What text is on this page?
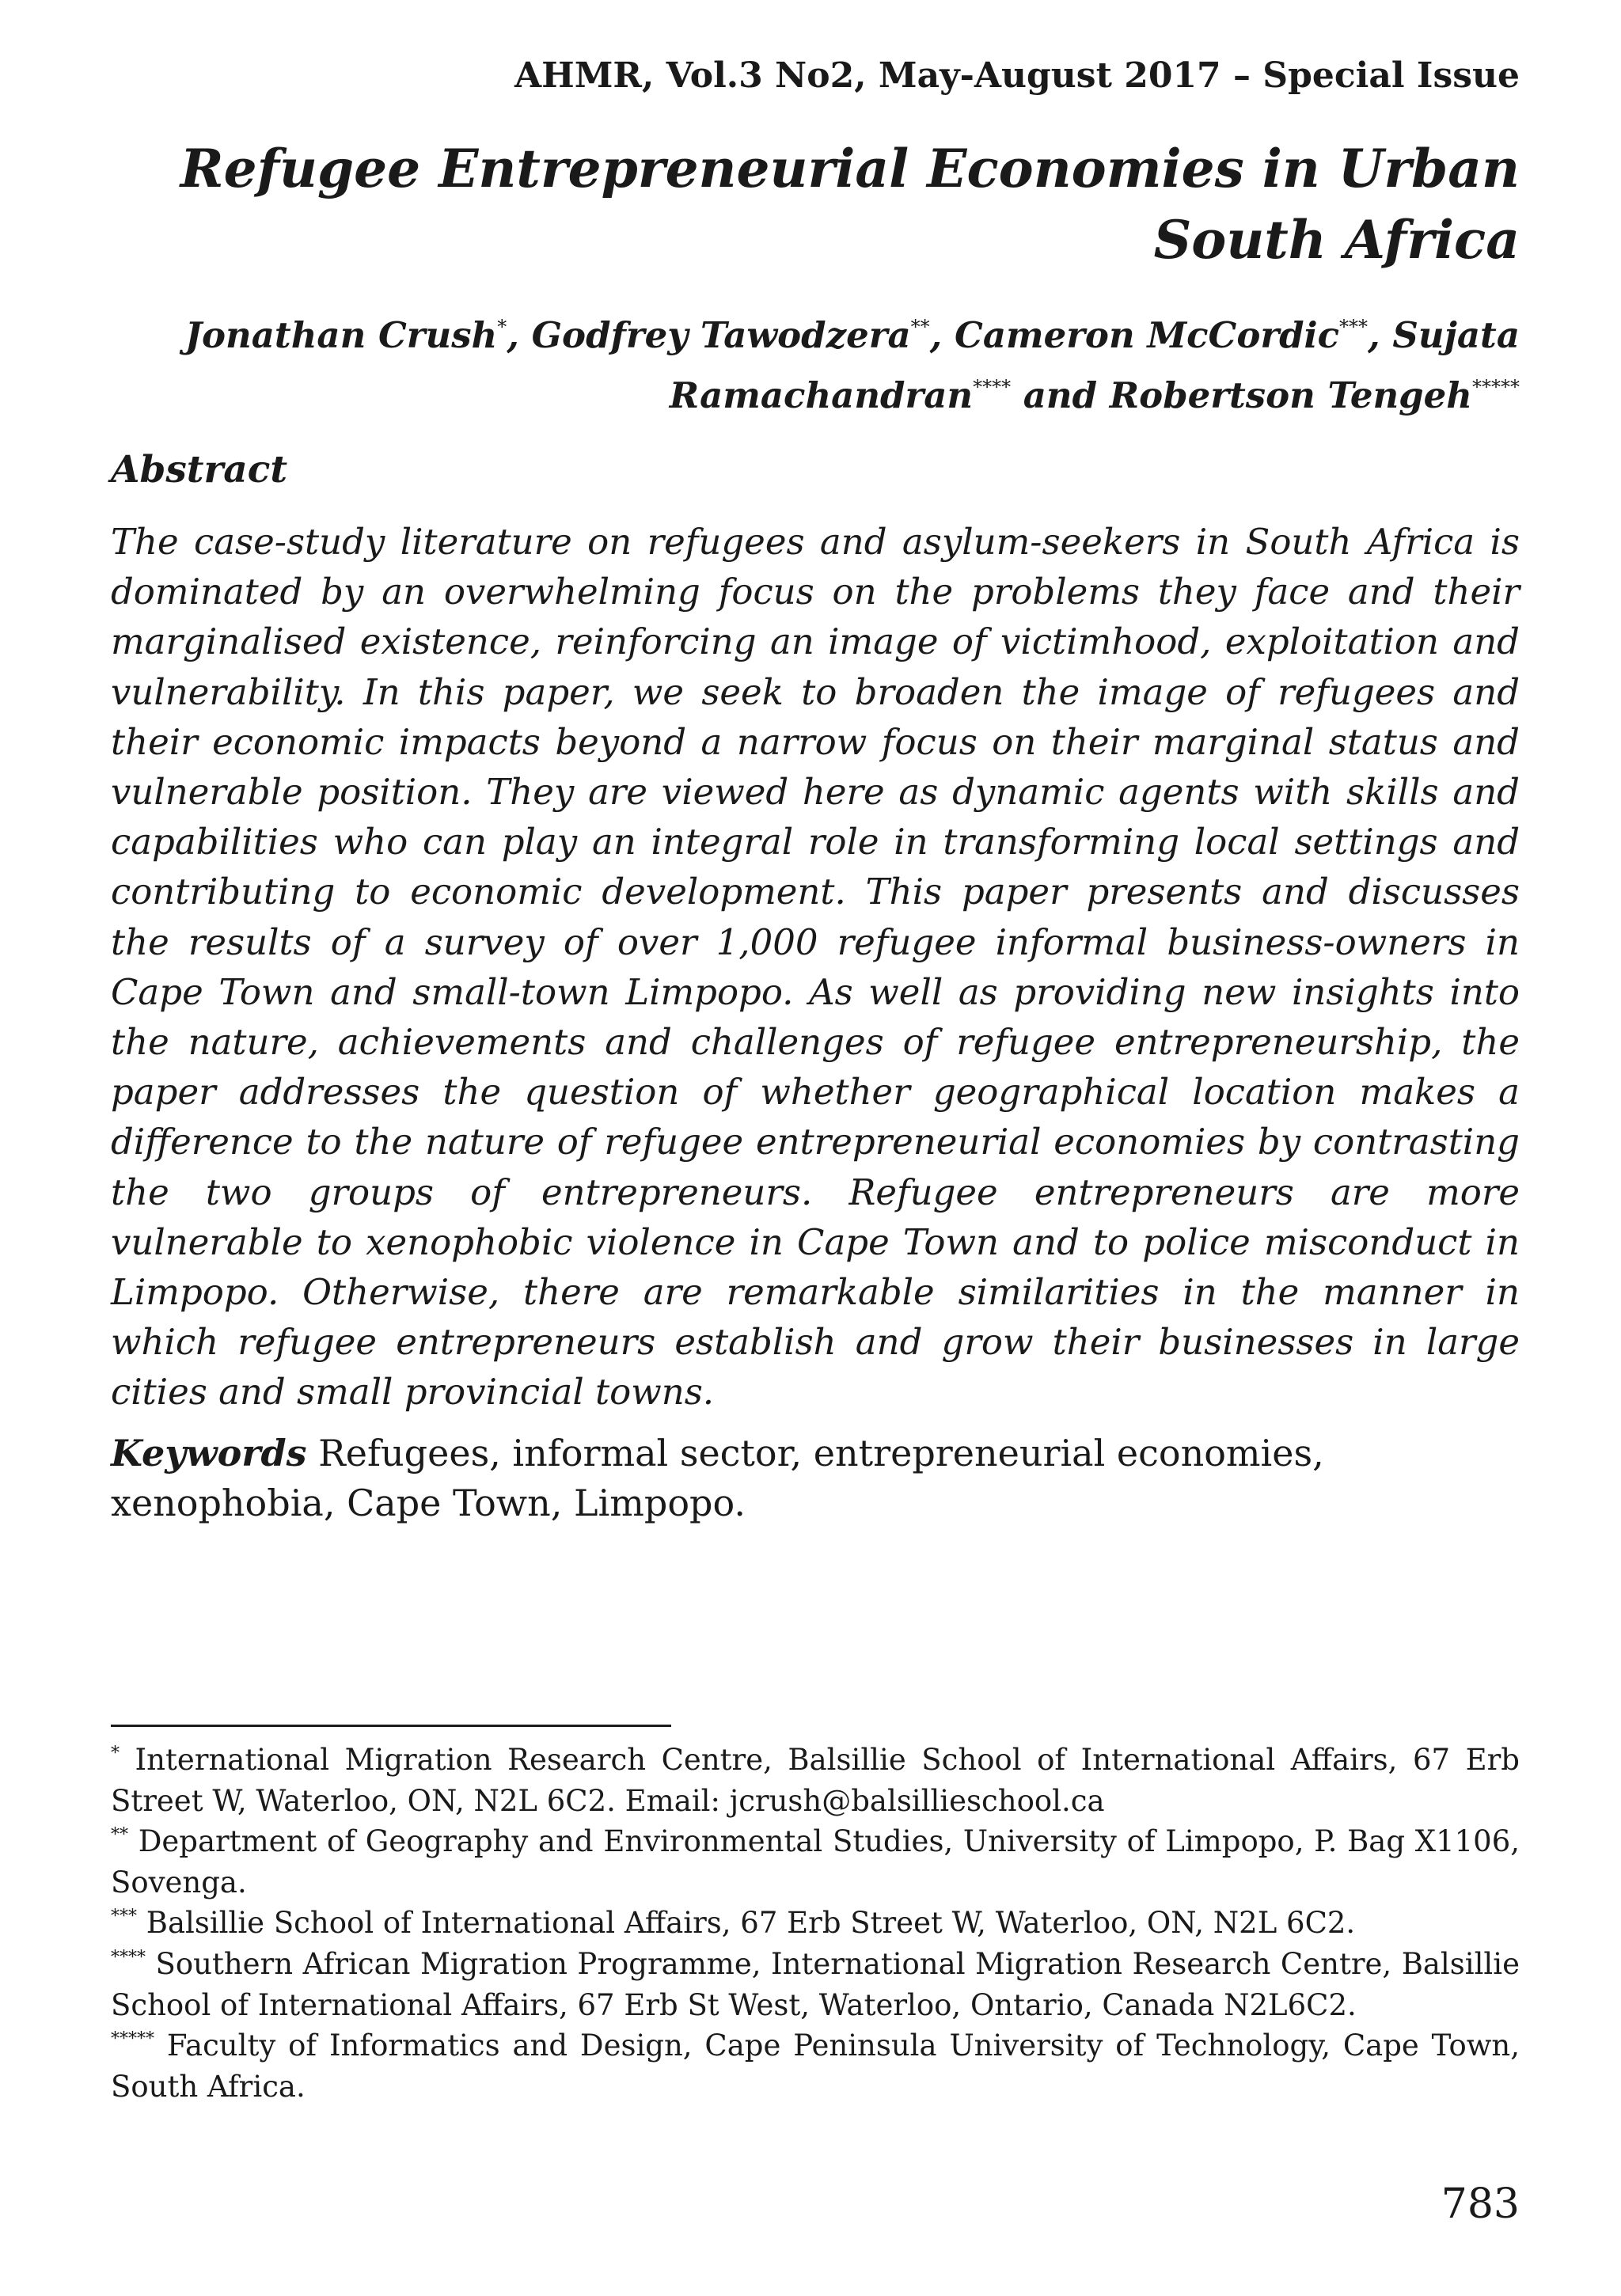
AHMR, Vol.3 No2, May-August 2017 – Special Issue
Refugee Entrepreneurial Economies in Urban South Africa
Jonathan Crush*, Godfrey Tawodzera**, Cameron McCordic***, Sujata Ramachandran**** and Robertson Tengeh*****
Abstract
The case-study literature on refugees and asylum-seekers in South Africa is dominated by an overwhelming focus on the problems they face and their marginalised existence, reinforcing an image of victimhood, exploitation and vulnerability. In this paper, we seek to broaden the image of refugees and their economic impacts beyond a narrow focus on their marginal status and vulnerable position. They are viewed here as dynamic agents with skills and capabilities who can play an integral role in transforming local settings and contributing to economic development. This paper presents and discusses the results of a survey of over 1,000 refugee informal business-owners in Cape Town and small-town Limpopo. As well as providing new insights into the nature, achievements and challenges of refugee entrepreneurship, the paper addresses the question of whether geographical location makes a difference to the nature of refugee entrepreneurial economies by contrasting the two groups of entrepreneurs. Refugee entrepreneurs are more vulnerable to xenophobic violence in Cape Town and to police misconduct in Limpopo. Otherwise, there are remarkable similarities in the manner in which refugee entrepreneurs establish and grow their businesses in large cities and small provincial towns.
Keywords Refugees, informal sector, entrepreneurial economies, xenophobia, Cape Town, Limpopo.
* International Migration Research Centre, Balsillie School of International Affairs, 67 Erb Street W, Waterloo, ON, N2L 6C2. Email: jcrush@balsillieschool.ca
** Department of Geography and Environmental Studies, University of Limpopo, P. Bag X1106, Sovenga.
*** Balsillie School of International Affairs, 67 Erb Street W, Waterloo, ON, N2L 6C2.
**** Southern African Migration Programme, International Migration Research Centre, Balsillie School of International Affairs, 67 Erb St West, Waterloo, Ontario, Canada N2L6C2.
***** Faculty of Informatics and Design, Cape Peninsula University of Technology, Cape Town, South Africa.
783
